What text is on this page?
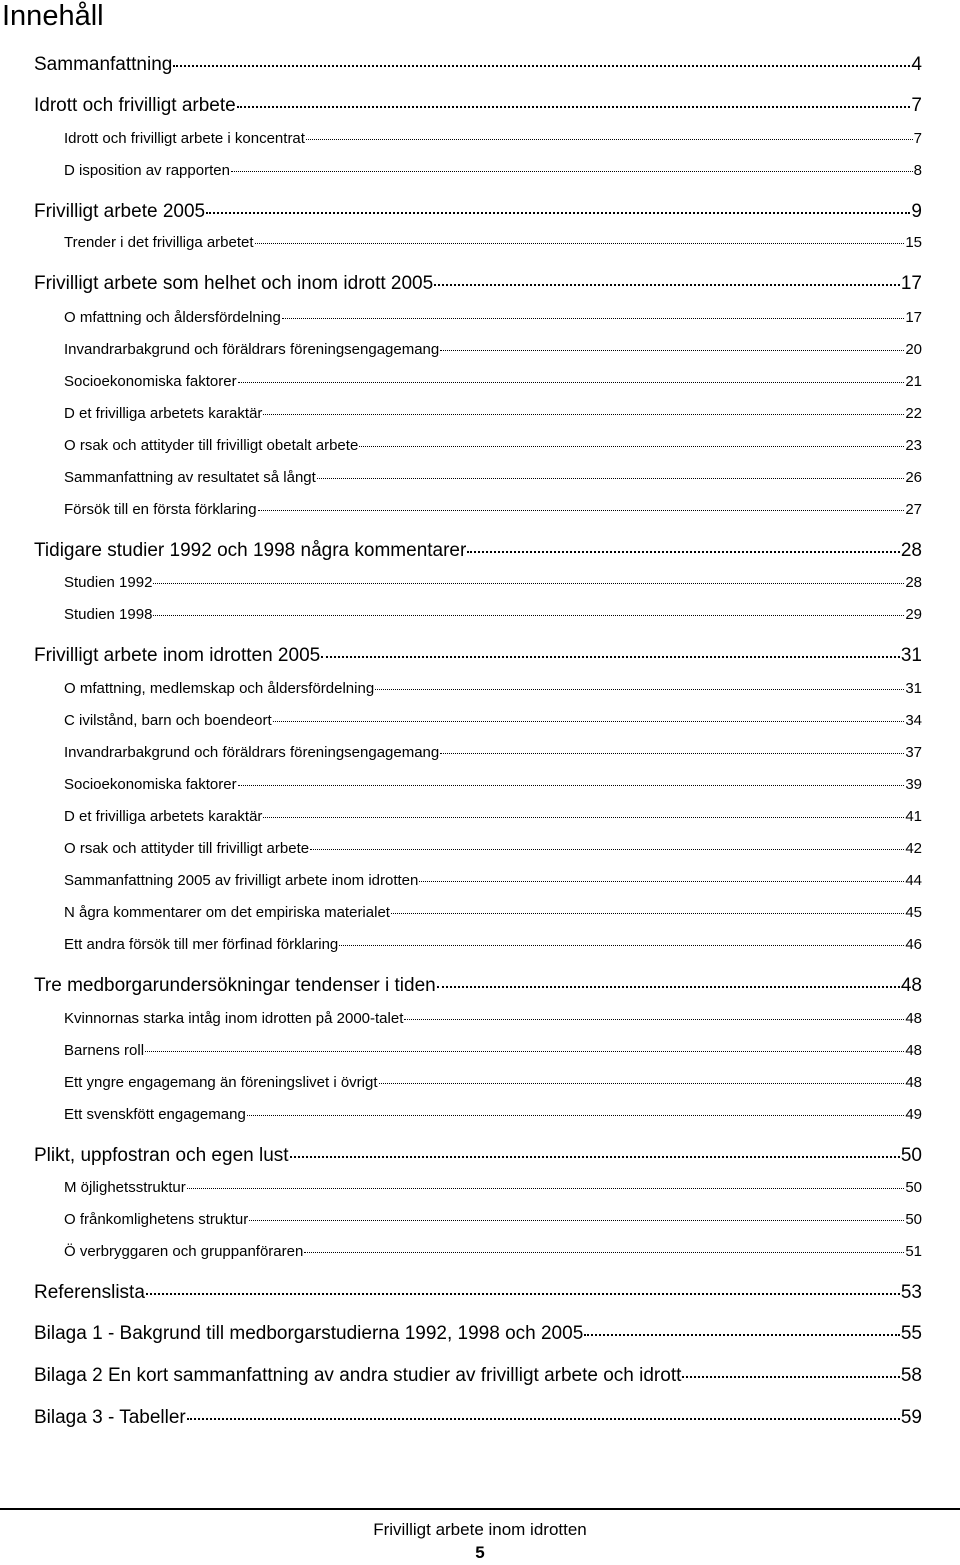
Innehåll
Sammanfattning	4
Idrott och frivilligt arbete	7
Idrott och frivilligt arbete i koncentrat	7
D isposition av rapporten	8
Frivilligt arbete 2005	9
Trender i det frivilliga arbetet	15
Frivilligt arbete som helhet och inom idrott 2005	17
O mfattning och åldersfördelning	17
Invandrarbakgrund och föräldrars föreningsengagemang	20
Socioekonomiska faktorer	21
D et frivilliga arbetets karaktär	22
O rsak och attityder till frivilligt obetalt arbete	23
Sammanfattning av resultatet så långt	26
Försök till en första förklaring	27
Tidigare studier 1992 och 1998 några kommentarer	28
Studien 1992	28
Studien 1998	29
Frivilligt arbete inom idrotten 2005	31
O mfattning, medlemskap och åldersfördelning	31
C ivilstånd, barn och boendeort	34
Invandrarbakgrund och föräldrars föreningsengagemang	37
Socioekonomiska faktorer	39
D et frivilliga arbetets karaktär	41
O rsak och attityder till frivilligt arbete	42
Sammanfattning 2005 av frivilligt arbete inom idrotten	44
N ågra kommentarer om det empiriska materialet	45
Ett andra försök till mer förfinad förklaring	46
Tre medborgarundersökningar tendenser i tiden	48
Kvinnornas starka intåg inom idrotten på 2000-talet	48
Barnens roll	48
Ett yngre engagemang än föreningslivet i övrigt	48
Ett svenskfött engagemang	49
Plikt, uppfostran och egen lust	50
M öjlighetsstruktur	50
O frånkomlighetens struktur	50
Ö verbryggaren och gruppanföraren	51
Referenslista	53
Bilaga 1 - Bakgrund till medborgarstudierna 1992, 1998 och 2005	55
Bilaga 2 En kort sammanfattning av andra studier av frivilligt arbete och idrott	58
Bilaga 3 - Tabeller	59
Frivilligt arbete inom idrotten
5
